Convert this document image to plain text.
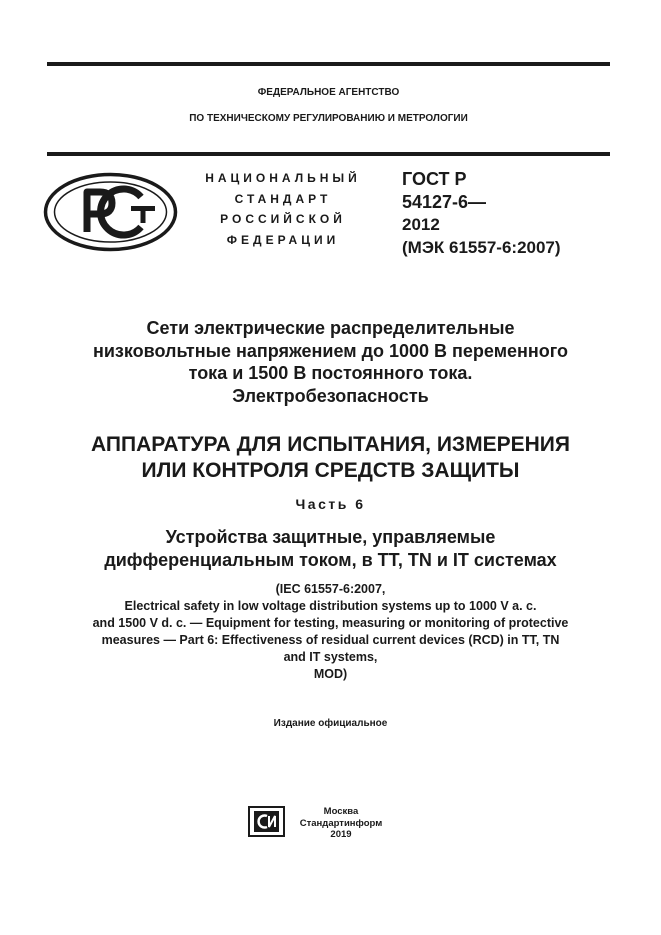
ФЕДЕРАЛЬНОЕ АГЕНТСТВО
ПО ТЕХНИЧЕСКОМУ РЕГУЛИРОВАНИЮ И МЕТРОЛОГИИ
НАЦИОНАЛЬНЫЙ
СТАНДАРТ
РОССИЙСКОЙ
ФЕДЕРАЦИИ
ГОСТ Р
54127-6—
2012
(МЭК 61557-6:2007)
Сети электрические распределительные
низковольтные напряжением до 1000 В переменного
тока и 1500 В постоянного тока.
Электробезопасность
АППАРАТУРА ДЛЯ ИСПЫТАНИЯ, ИЗМЕРЕНИЯ
ИЛИ КОНТРОЛЯ СРЕДСТВ ЗАЩИТЫ
Часть 6
Устройства защитные, управляемые
дифференциальным током, в ТТ, TN и IT системах
(IEC 61557-6:2007,
Electrical safety in low voltage distribution systems up to 1000 V a. c.
and 1500 V d. c. — Equipment for testing, measuring or monitoring of protective
measures — Part 6: Effectiveness of residual current devices (RCD) in TT, TN
and IT systems,
MOD)
Издание официальное
Москва
Стандартинформ
2019
